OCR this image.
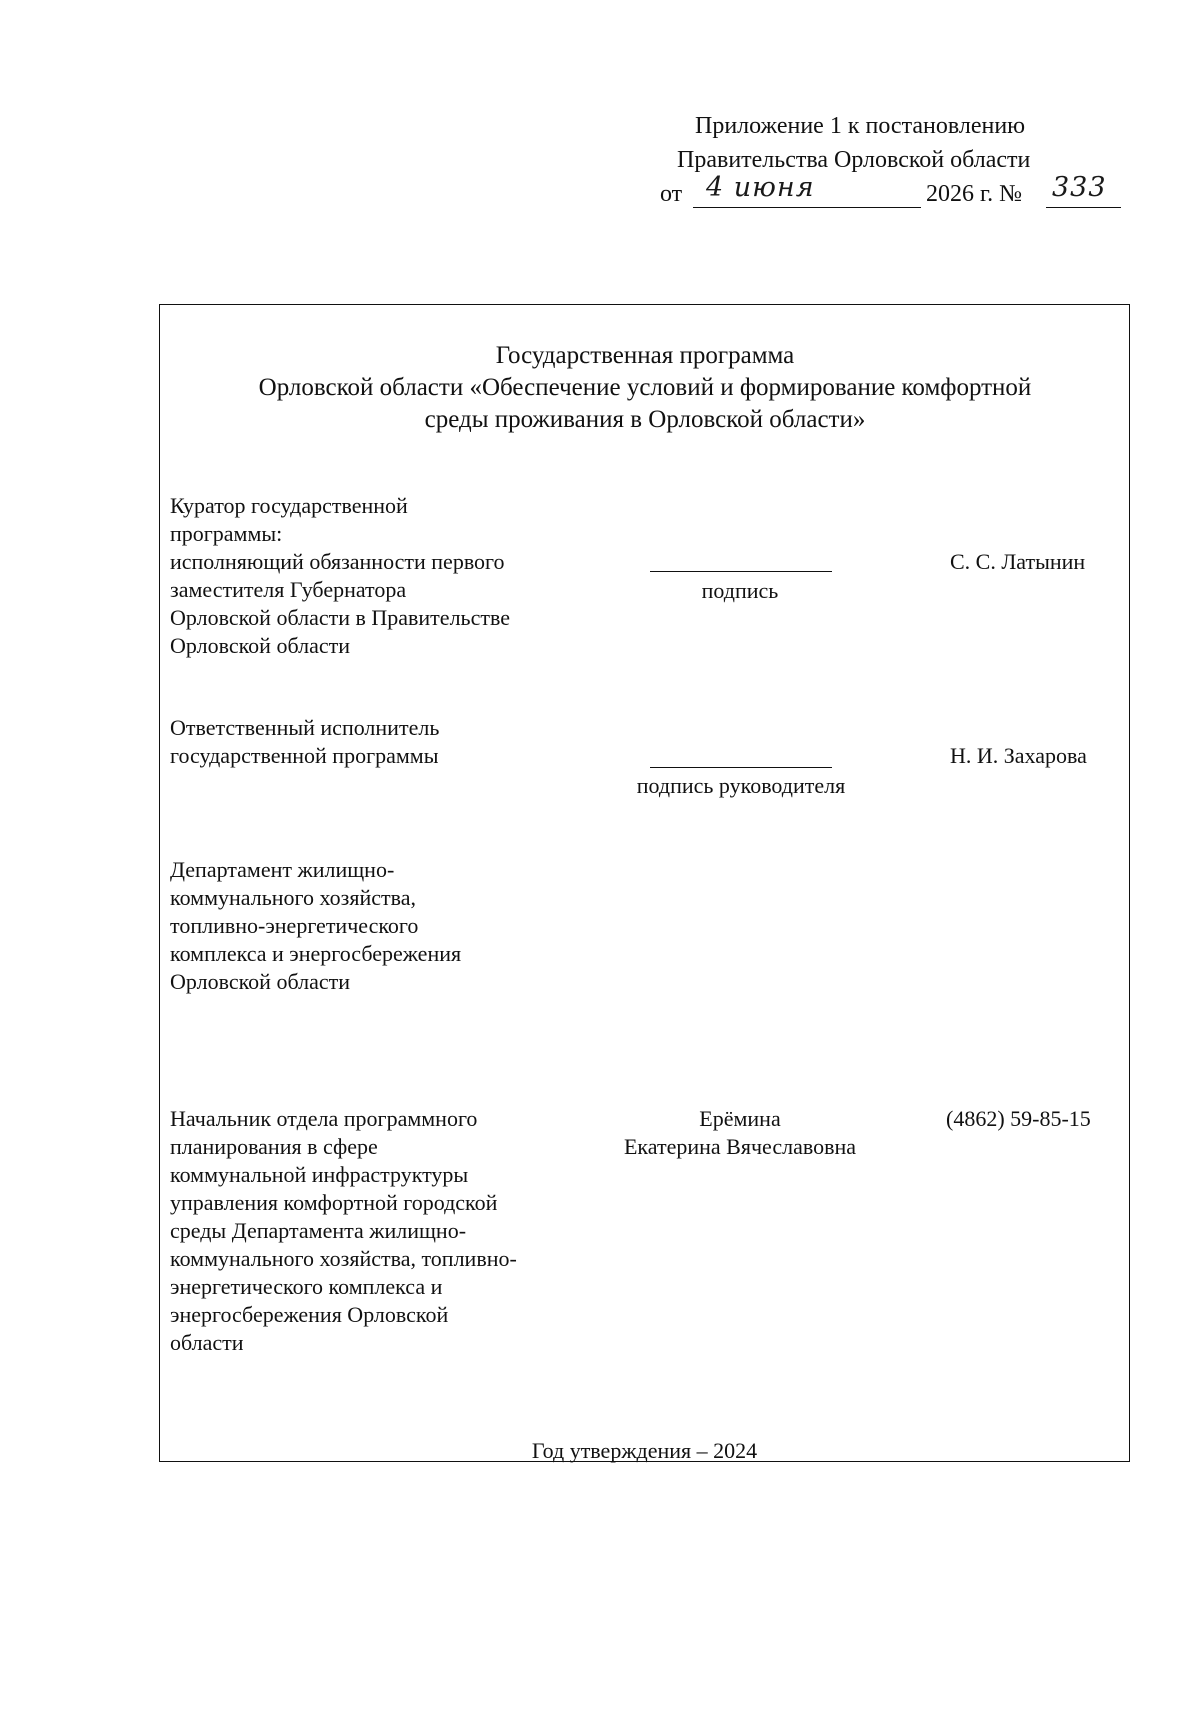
Приложение 1 к постановлению
Правительства Орловской области
от 4 июня	2026 г. № 333
Государственная программа
Орловской области «Обеспечение условий и формирование комфортной
среды проживания в Орловской области»
Куратор государственной
программы:
исполняющий обязанности первого
заместителя Губернатора
Орловской области в Правительстве
Орловской области
подпись
С. С. Латынин
Ответственный исполнитель
государственной программы
подпись руководителя
Н. И. Захарова
Департамент жилищно-
коммунального хозяйства,
топливно-энергетического
комплекса и энергосбережения
Орловской области
Начальник отдела программного
планирования в сфере
коммунальной инфраструктуры
управления комфортной городской
среды Департамента жилищно-
коммунального хозяйства, топливно-
энергетического комплекса и
энергосбережения Орловской
области
Ерёмина
Екатерина Вячеславовна
(4862) 59-85-15
Год утверждения – 2024
